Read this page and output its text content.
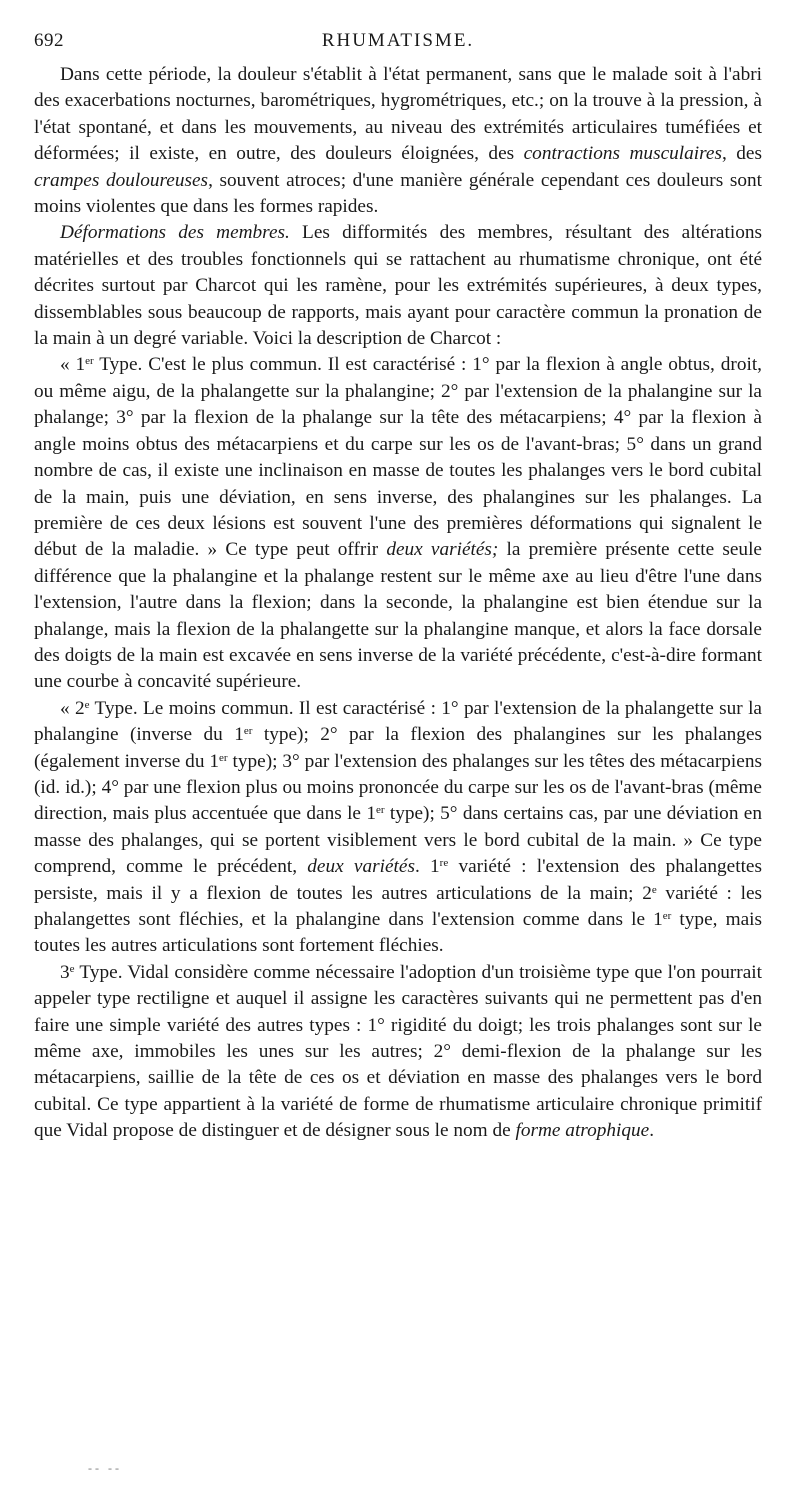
692	RHUMATISME.

Dans cette période, la douleur s'établit à l'état permanent, sans que le malade soit à l'abri des exacerbations nocturnes, barométriques, hygrométriques, etc.; on la trouve à la pression, à l'état spontané, et dans les mouvements, au niveau des extrémités articulaires tuméfiées et déformées; il existe, en outre, des douleurs éloignées, des contractions musculaires, des crampes douloureuses, souvent atroces; d'une manière générale cependant ces douleurs sont moins violentes que dans les formes rapides.

Déformations des membres. Les difformités des membres, résultant des altérations matérielles et des troubles fonctionnels qui se rattachent au rhumatisme chronique, ont été décrites surtout par Charcot qui les ramène, pour les extrémités supérieures, à deux types, dissemblables sous beaucoup de rapports, mais ayant pour caractère commun la pronation de la main à un degré variable. Voici la description de Charcot :

« 1er Type. C'est le plus commun. Il est caractérisé : 1° par la flexion à angle obtus, droit, ou même aigu, de la phalangette sur la phalangine; 2° par l'extension de la phalangine sur la phalange; 3° par la flexion de la phalange sur la tête des métacarpiens; 4° par la flexion à angle moins obtus des métacarpiens et du carpe sur les os de l'avant-bras; 5° dans un grand nombre de cas, il existe une inclinaison en masse de toutes les phalanges vers le bord cubital de la main, puis une déviation, en sens inverse, des phalangines sur les phalanges. La première de ces deux lésions est souvent l'une des premières déformations qui signalent le début de la maladie. » Ce type peut offrir deux variétés; la première présente cette seule différence que la phalangine et la phalange restent sur le même axe au lieu d'être l'une dans l'extension, l'autre dans la flexion; dans la seconde, la phalangine est bien étendue sur la phalange, mais la flexion de la phalangette sur la phalangine manque, et alors la face dorsale des doigts de la main est excavée en sens inverse de la variété précédente, c'est-à-dire formant une courbe à concavité supérieure.

« 2e Type. Le moins commun. Il est caractérisé : 1° par l'extension de la phalangette sur la phalangine (inverse du 1er type); 2° par la flexion des phalangines sur les phalanges (également inverse du 1er type); 3° par l'extension des phalanges sur les têtes des métacarpiens (id. id.); 4° par une flexion plus ou moins prononcée du carpe sur les os de l'avant-bras (même direction, mais plus accentuée que dans le 1er type); 5° dans certains cas, par une déviation en masse des phalanges, qui se portent visiblement vers le bord cubital de la main. » Ce type comprend, comme le précédent, deux variétés. 1re variété : l'extension des phalangettes persiste, mais il y a flexion de toutes les autres articulations de la main; 2e variété : les phalangettes sont fléchies, et la phalangine dans l'extension comme dans le 1er type, mais toutes les autres articulations sont fortement fléchies.

3e Type. Vidal considère comme nécessaire l'adoption d'un troisième type que l'on pourrait appeler type rectiligne et auquel il assigne les caractères suivants qui ne permettent pas d'en faire une simple variété des autres types : 1° rigidité du doigt; les trois phalanges sont sur le même axe, immobiles les unes sur les autres; 2° demi-flexion de la phalange sur les métacarpiens, saillie de la tête de ces os et déviation en masse des phalanges vers le bord cubital. Ce type appartient à la variété de forme de rhumatisme articulaire chronique primitif que Vidal propose de distinguer et de désigner sous le nom de forme atrophique.

-- --
